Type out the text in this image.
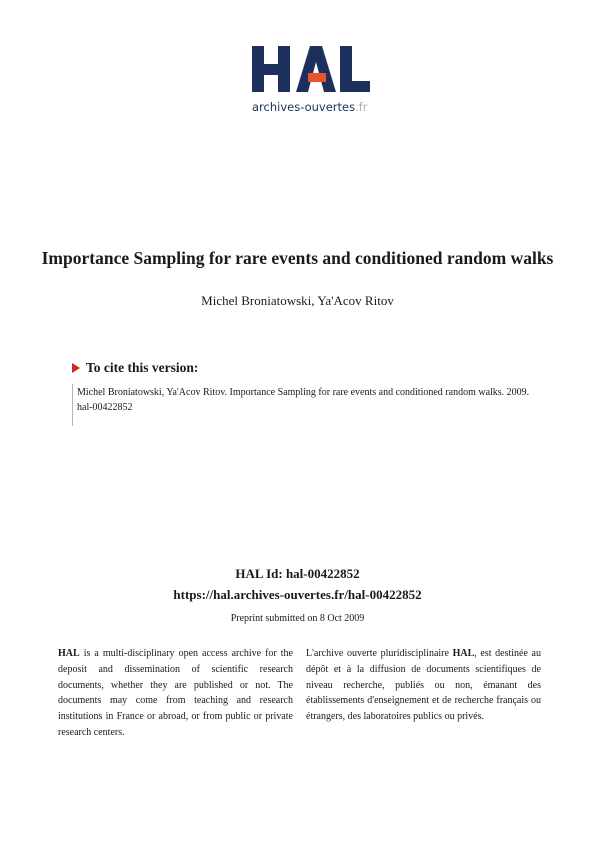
archives-ouvertes.fr
Importance Sampling for rare events and conditioned random walks
Michel Broniatowski, Ya'Acov Ritov
To cite this version:
Michel Broniatowski, Ya'Acov Ritov. Importance Sampling for rare events and conditioned random walks. 2009. hal-00422852
HAL Id: hal-00422852
https://hal.archives-ouvertes.fr/hal-00422852
Preprint submitted on 8 Oct 2009
HAL is a multi-disciplinary open access archive for the deposit and dissemination of scientific research documents, whether they are published or not. The documents may come from teaching and research institutions in France or abroad, or from public or private research centers.
L'archive ouverte pluridisciplinaire HAL, est destinée au dépôt et à la diffusion de documents scientifiques de niveau recherche, publiés ou non, émanant des établissements d'enseignement et de recherche français ou étrangers, des laboratoires publics ou privés.
